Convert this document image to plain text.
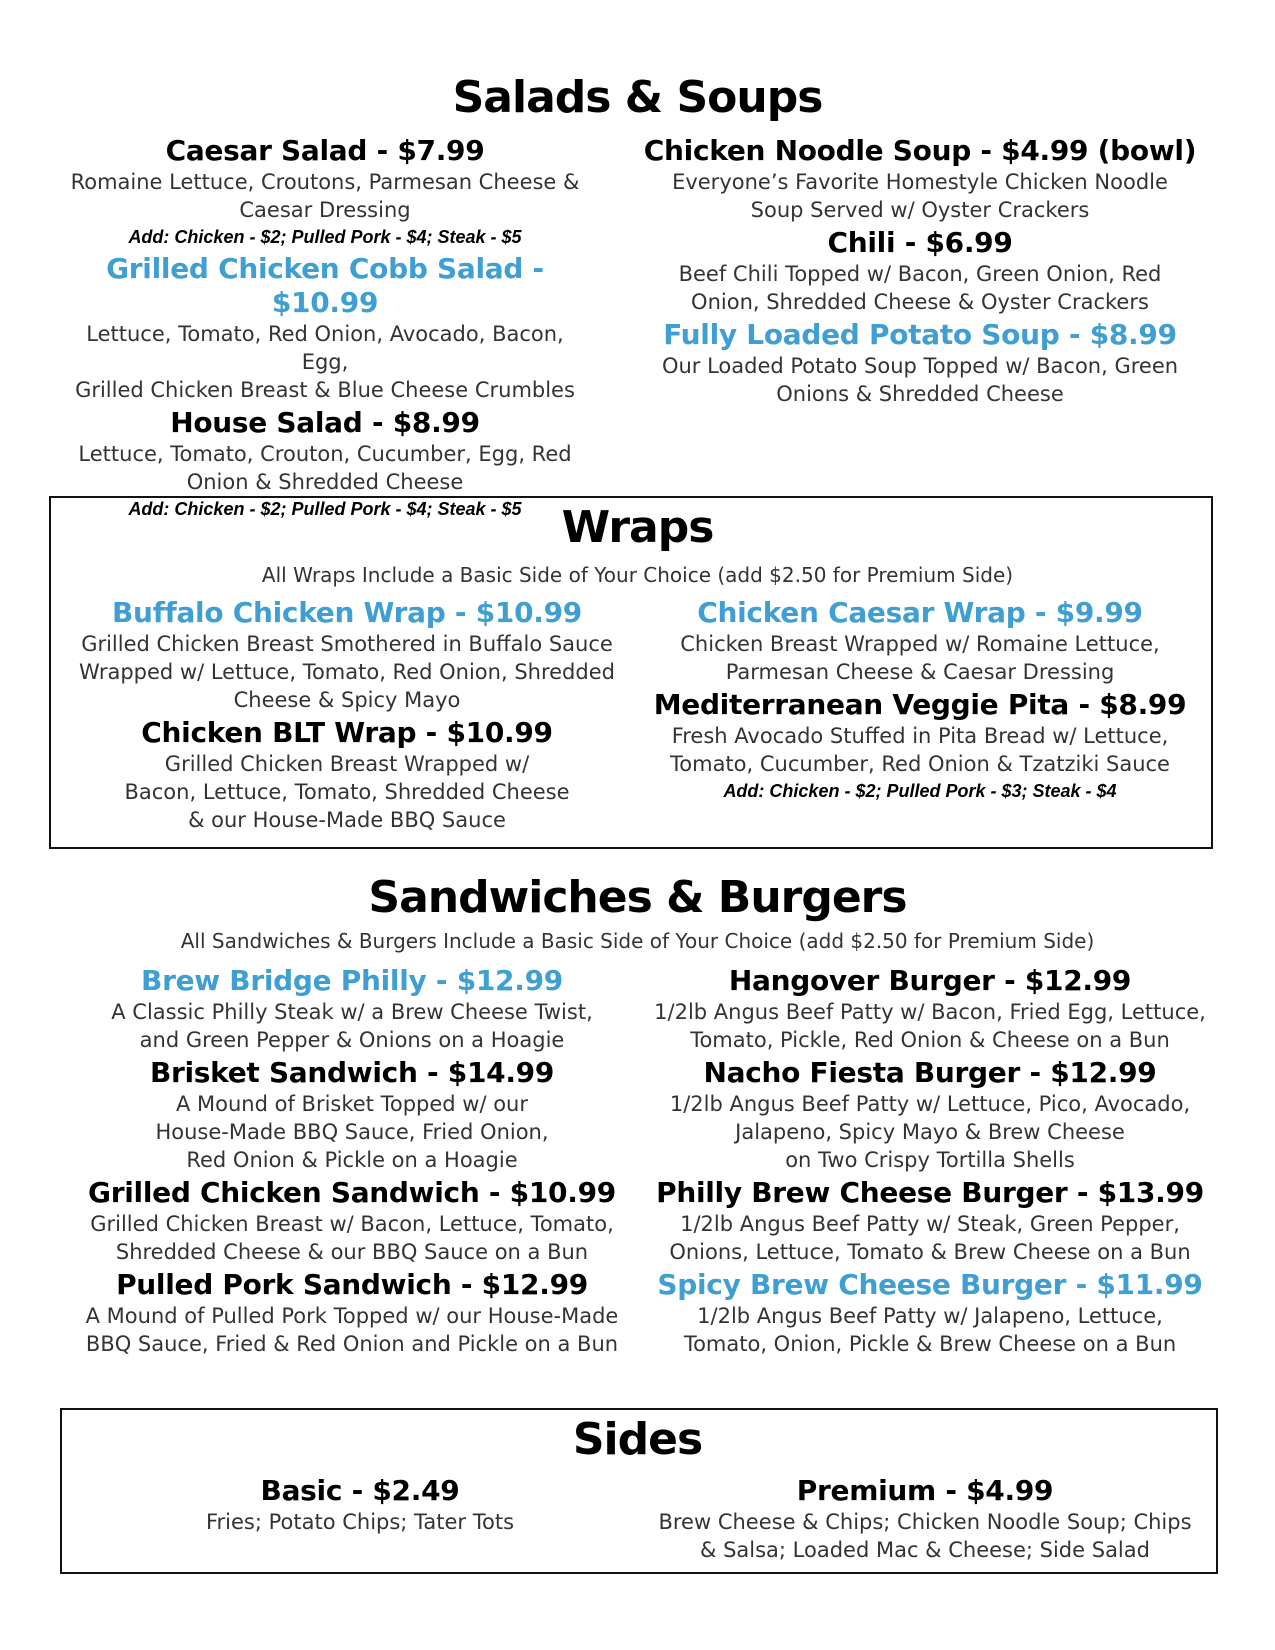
Salads & Soups
Caesar Salad - $7.99
Romaine Lettuce, Croutons, Parmesan Cheese &
Caesar Dressing
Add: Chicken - $2; Pulled Pork - $4; Steak - $5
Grilled Chicken Cobb Salad - $10.99
Lettuce, Tomato, Red Onion, Avocado, Bacon, Egg,
Grilled Chicken Breast & Blue Cheese Crumbles
House Salad - $8.99
Lettuce, Tomato, Crouton, Cucumber, Egg, Red
Onion & Shredded Cheese
Add: Chicken - $2; Pulled Pork - $4; Steak - $5
Chicken Noodle Soup - $4.99 (bowl)
Everyone’s Favorite Homestyle Chicken Noodle
Soup Served w/ Oyster Crackers
Chili - $6.99
Beef Chili Topped w/ Bacon, Green Onion, Red
Onion, Shredded Cheese & Oyster Crackers
Fully Loaded Potato Soup - $8.99
Our Loaded Potato Soup Topped w/ Bacon, Green
Onions & Shredded Cheese
Wraps
All Wraps Include a Basic Side of Your Choice (add $2.50 for Premium Side)
Buffalo Chicken Wrap - $10.99
Grilled Chicken Breast Smothered in Buffalo Sauce
Wrapped w/ Lettuce, Tomato, Red Onion, Shredded
Cheese & Spicy Mayo
Chicken BLT Wrap - $10.99
Grilled Chicken Breast Wrapped w/
Bacon, Lettuce, Tomato, Shredded Cheese
& our House-Made BBQ Sauce
Chicken Caesar Wrap - $9.99
Chicken Breast Wrapped w/ Romaine Lettuce,
Parmesan Cheese & Caesar Dressing
Mediterranean Veggie Pita - $8.99
Fresh Avocado Stuffed in Pita Bread w/ Lettuce,
Tomato, Cucumber, Red Onion & Tzatziki Sauce
Add: Chicken - $2; Pulled Pork - $3; Steak - $4
Sandwiches & Burgers
All Sandwiches & Burgers Include a Basic Side of Your Choice (add $2.50 for Premium Side)
Brew Bridge Philly - $12.99
A Classic Philly Steak w/ a Brew Cheese Twist,
and Green Pepper & Onions on a Hoagie
Brisket Sandwich - $14.99
A Mound of Brisket Topped w/ our
House-Made BBQ Sauce, Fried Onion,
Red Onion & Pickle on a Hoagie
Grilled Chicken Sandwich - $10.99
Grilled Chicken Breast w/ Bacon, Lettuce, Tomato,
Shredded Cheese & our BBQ Sauce on a Bun
Pulled Pork Sandwich - $12.99
A Mound of Pulled Pork Topped w/ our House-Made
BBQ Sauce, Fried & Red Onion and Pickle on a Bun
Hangover Burger - $12.99
1/2lb Angus Beef Patty w/ Bacon, Fried Egg, Lettuce,
Tomato, Pickle, Red Onion & Cheese on a Bun
Nacho Fiesta Burger - $12.99
1/2lb Angus Beef Patty w/ Lettuce, Pico, Avocado,
Jalapeno, Spicy Mayo & Brew Cheese
on Two Crispy Tortilla Shells
Philly Brew Cheese Burger - $13.99
1/2lb Angus Beef Patty w/ Steak, Green Pepper,
Onions, Lettuce, Tomato & Brew Cheese on a Bun
Spicy Brew Cheese Burger - $11.99
1/2lb Angus Beef Patty w/ Jalapeno, Lettuce,
Tomato, Onion, Pickle & Brew Cheese on a Bun
Sides
Basic - $2.49
Fries; Potato Chips; Tater Tots
Premium - $4.99
Brew Cheese & Chips; Chicken Noodle Soup; Chips
& Salsa; Loaded Mac & Cheese; Side Salad
